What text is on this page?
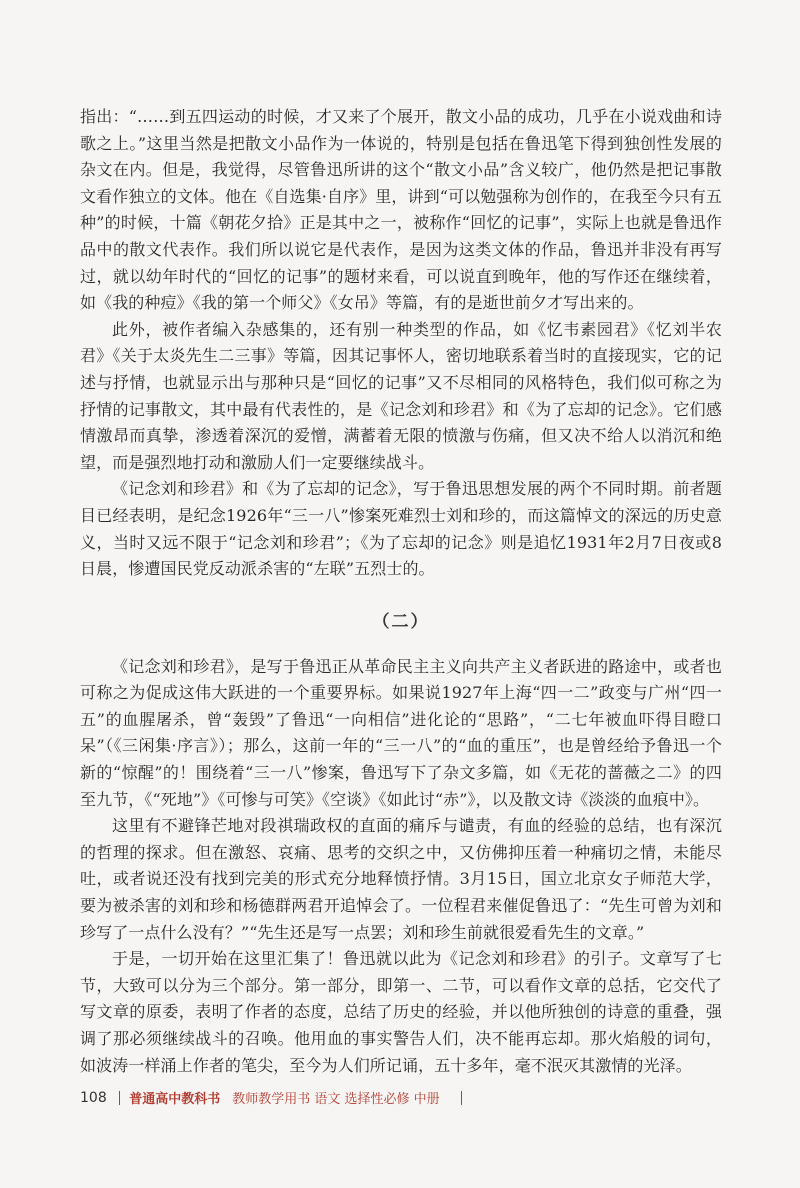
指出：“……到五四运动的时候，才又来了个展开，散文小品的成功，几乎在小说戏曲和诗歌之上。”这里当然是把散文小品作为一体说的，特别是包括在鲁迅笔下得到独创性发展的杂文在内。但是，我觉得，尽管鲁迅所讲的这个“散文小品”含义较广，他仍然是把记事散文看作独立的文体。他在《自选集·自序》里，讲到“可以勉强称为创作的，在我至今只有五种”的时候，十篇《朝花夕拾》正是其中之一，被称作“回忆的记事”，实际上也就是鲁迅作品中的散文代表作。我们所以说它是代表作，是因为这类文体的作品，鲁迅并非没有再写过，就以幼年时代的“回忆的记事”的题材来看，可以说直到晚年，他的写作还在继续着，如《我的种痘》《我的第一个师父》《女吊》等篇，有的是逝世前夕才写出来的。

此外，被作者编入杂感集的，还有别一种类型的作品，如《忆韦素园君》《忆刘半农君》《关于太炎先生二三事》等篇，因其记事怀人，密切地联系着当时的直接现实，它的记述与抒情，也就显示出与那种只是“回忆的记事”又不尽相同的风格特色，我们似可称之为抒情的记事散文，其中最有代表性的，是《记念刘和珍君》和《为了忘却的记念》。它们感情激昂而真挚，渗透着深沉的爱憎，满蓄着无限的愤激与伤痛，但又决不给人以消沉和绝望，而是强烈地打动和激励人们一定要继续战斗。

《记念刘和珍君》和《为了忘却的记念》，写于鲁迅思想发展的两个不同时期。前者题目已经表明，是纪念1926年“三一八”惨案死难烈士刘和珍的，而这篇悼文的深远的历史意义，当时又远不限于“记念刘和珍君”；《为了忘却的记念》则是追忆1931年2月7日夜或8日晨，惨遭国民党反动派杀害的“左联”五烈士的。

（二）

《记念刘和珍君》，是写于鲁迅正从革命民主主义向共产主义者跃进的路途中，或者也可称之为促成这伟大跃进的一个重要界标。如果说1927年上海“四一二”政变与广州“四一五”的血腥屠杀，曾“轰毁”了鲁迅“一向相信”进化论的“思路”，“二七年被血吓得目瞪口呆”（《三闲集·序言》）；那么，这前一年的“三一八”的“血的重压”，也是曾经给予鲁迅一个新的“惊醒”的！围绕着“三一八”惨案，鲁迅写下了杂文多篇，如《无花的蔷薇之二》的四至九节，《“死地”》《可惨与可笑》《空谈》《如此讨“赤”》，以及散文诗《淡淡的血痕中》。

这里有不避锋芒地对段祺瑞政权的直面的痛斥与谴责，有血的经验的总结，也有深沉的哲理的探求。但在激怒、哀痛、思考的交织之中，又仿佛抑压着一种痛切之情，未能尽吐，或者说还没有找到完美的形式充分地释愤抒情。3月15日，国立北京女子师范大学，要为被杀害的刘和珍和杨德群两君开追悼会了。一位程君来催促鲁迅了：“先生可曾为刘和珍写了一点什么没有？”“先生还是写一点罢；刘和珍生前就很爱看先生的文章。”

于是，一切开始在这里汇集了！鲁迅就以此为《记念刘和珍君》的引子。文章写了七节，大致可以分为三个部分。第一部分，即第一、二节，可以看作文章的总括，它交代了写文章的原委，表明了作者的态度，总结了历史的经验，并以他所独创的诗意的重叠，强调了那必须继续战斗的召唤。他用血的事实警告人们，决不能再忘却。那火焰般的词句，如波涛一样涌上作者的笔尖，至今为人们所记诵，五十多年，毫不泯灭其激情的光泽。

108 普通高中教科书 教师教学用书 语文 选择性必修 中册
